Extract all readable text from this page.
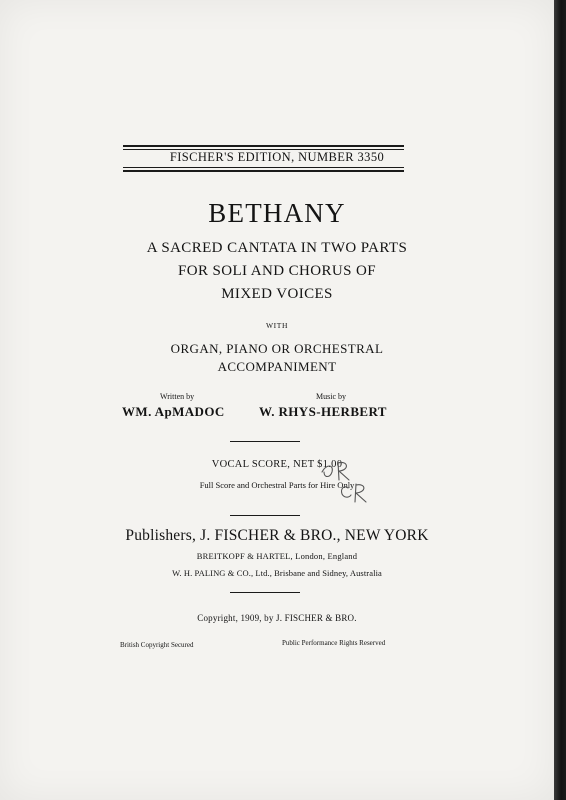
FISCHER'S EDITION, NUMBER 3350
BETHANY
A SACRED CANTATA IN TWO PARTS
FOR SOLI AND CHORUS OF
MIXED VOICES
WITH
ORGAN, PIANO OR ORCHESTRAL
ACCOMPANIMENT
Written by
WM. ApMADOC
Music by
W. RHYS-HERBERT
VOCAL SCORE, NET $1.00
Full Score and Orchestral Parts for Hire Only
Publishers, J. FISCHER & BRO., NEW YORK
BREITKOPF & HARTEL, London, England
W. H. PALING & CO., Ltd., Brisbane and Sidney, Australia
Copyright, 1909, by J. FISCHER & BRO.
British Copyright Secured	Public Performance Rights Reserved
